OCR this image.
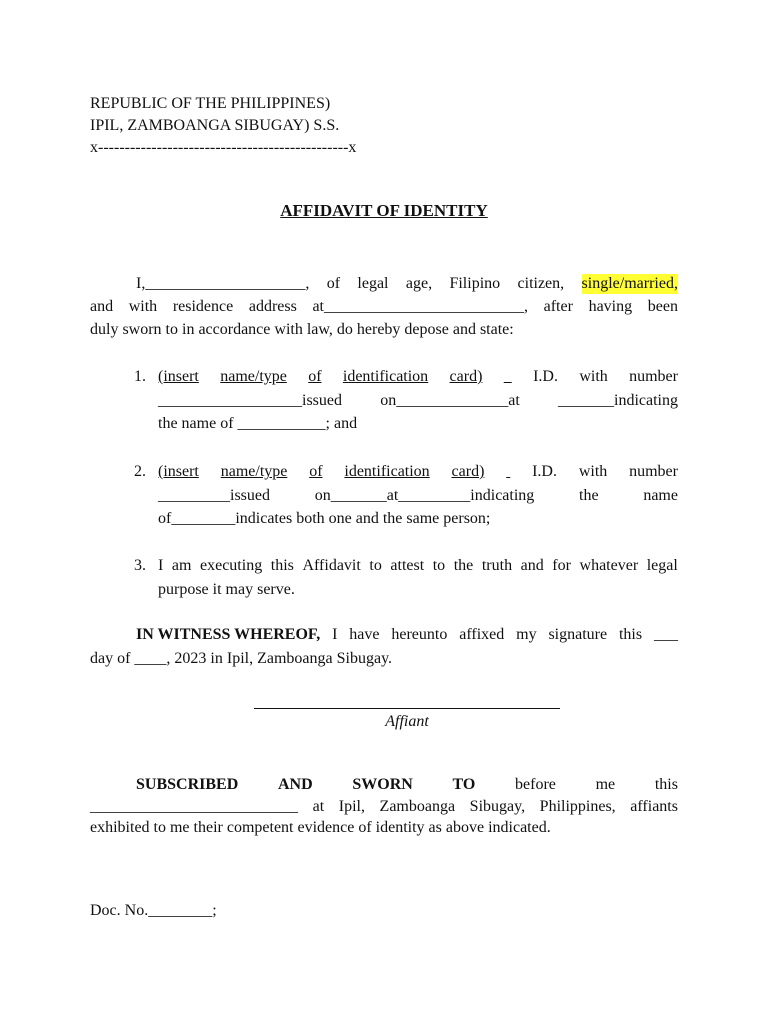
REPUBLIC OF THE PHILIPPINES)
IPIL, ZAMBOANGA SIBUGAY) S.S.
x-----------------------------------------------x
AFFIDAVIT OF IDENTITY
I,____________________, of legal age, Filipino citizen, single/married,
and with residence address at_________________________, after having been
duly sworn to in accordance with law, do hereby depose and state:
1. (insert name/type of identification card)
	I.D. with number
__________________issued on______________at _______indicating
the name of ___________; and
2. (insert name/type of identification card)
	I.D. with number
_________issued	on_______at_________indicating	the	name
of________indicates both one and the same person;
3. I am executing this Affidavit to attest to the truth and for whatever legal
purpose it may serve.
IN WITNESS WHEREOF, I have hereunto affixed my signature this ___
day of ____, 2023 in Ipil, Zamboanga Sibugay.
Affiant
SUBSCRIBED AND SWORN TO before me this
__________________________ at Ipil, Zamboanga Sibugay, Philippines, affiants
exhibited to me their competent evidence of identity as above indicated.
Doc. No.________;
